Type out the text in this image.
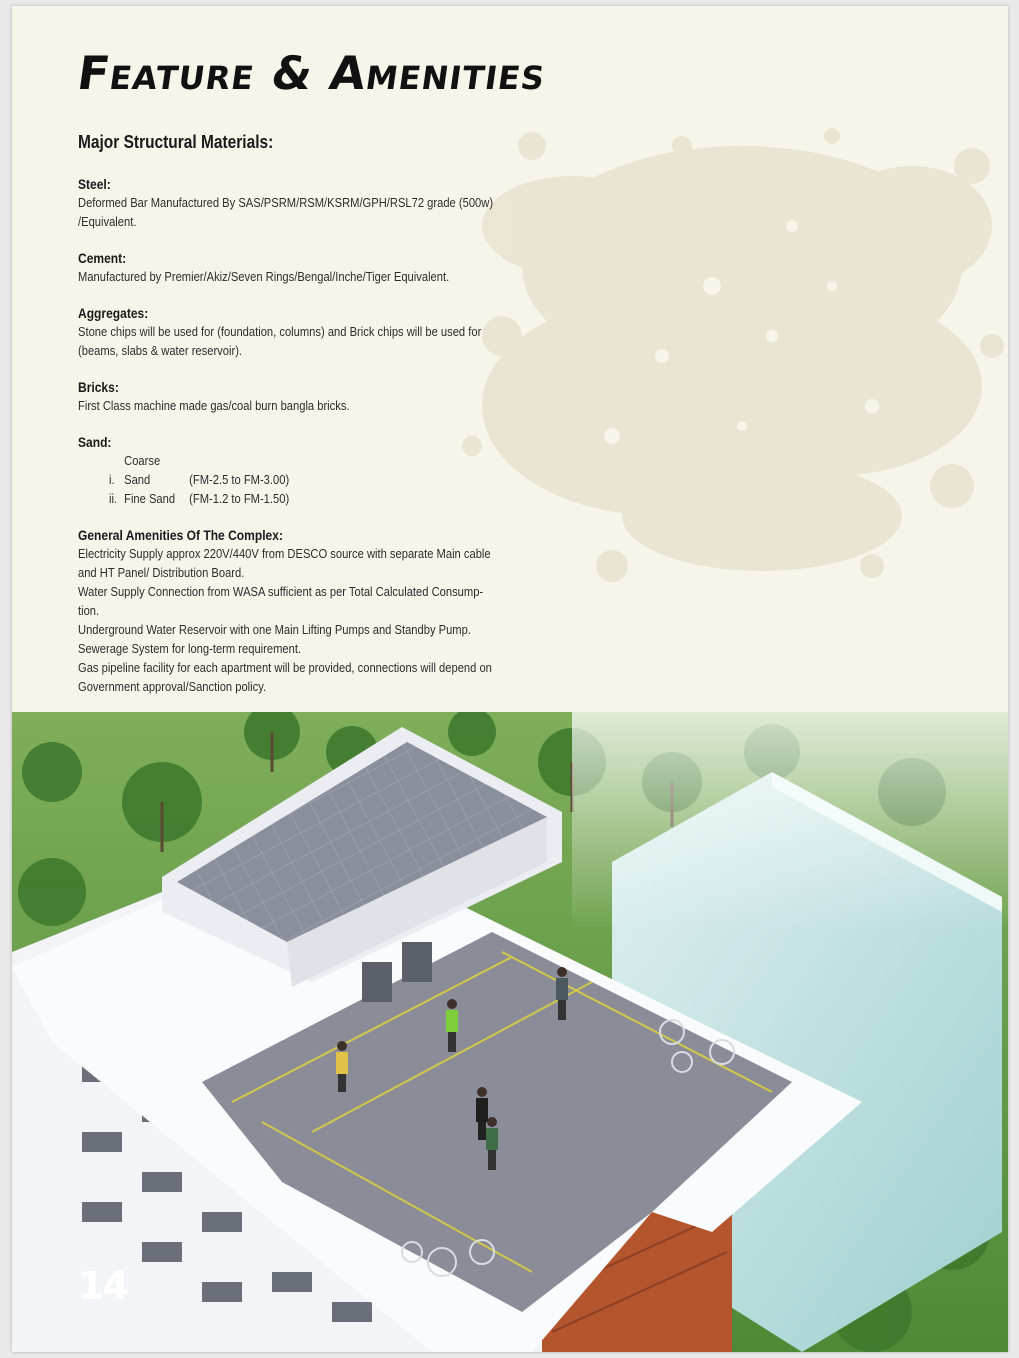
Feature & Amenities
Major Structural Materials:
Steel:
Deformed Bar Manufactured By SAS/PSRM/RSM/KSRM/GPH/RSL72 grade (500w)
/Equivalent.
Cement:
Manufactured by Premier/Akiz/Seven Rings/Bengal/Inche/Tiger Equivalent.
Aggregates:
Stone chips will be used for (foundation, columns) and Brick chips will be used for
(beams, slabs & water reservoir).
Bricks:
First Class machine made gas/coal burn bangla bricks.
Sand:
i. Coarse Sand	(FM-2.5 to FM-3.00)
ii. Fine Sand (FM-1.2 to FM-1.50)
General Amenities Of The Complex:
Electricity Supply approx 220V/440V from DESCO source with separate Main cable
and HT Panel/ Distribution Board.
Water Supply Connection from WASA sufficient as per Total Calculated Consump-
tion.
Underground Water Reservoir with one Main Lifting Pumps and Standby Pump.
Sewerage System for long-term requirement.
Gas pipeline facility for each apartment will be provided, connections will depend on
Government approval/Sanction policy.
14
